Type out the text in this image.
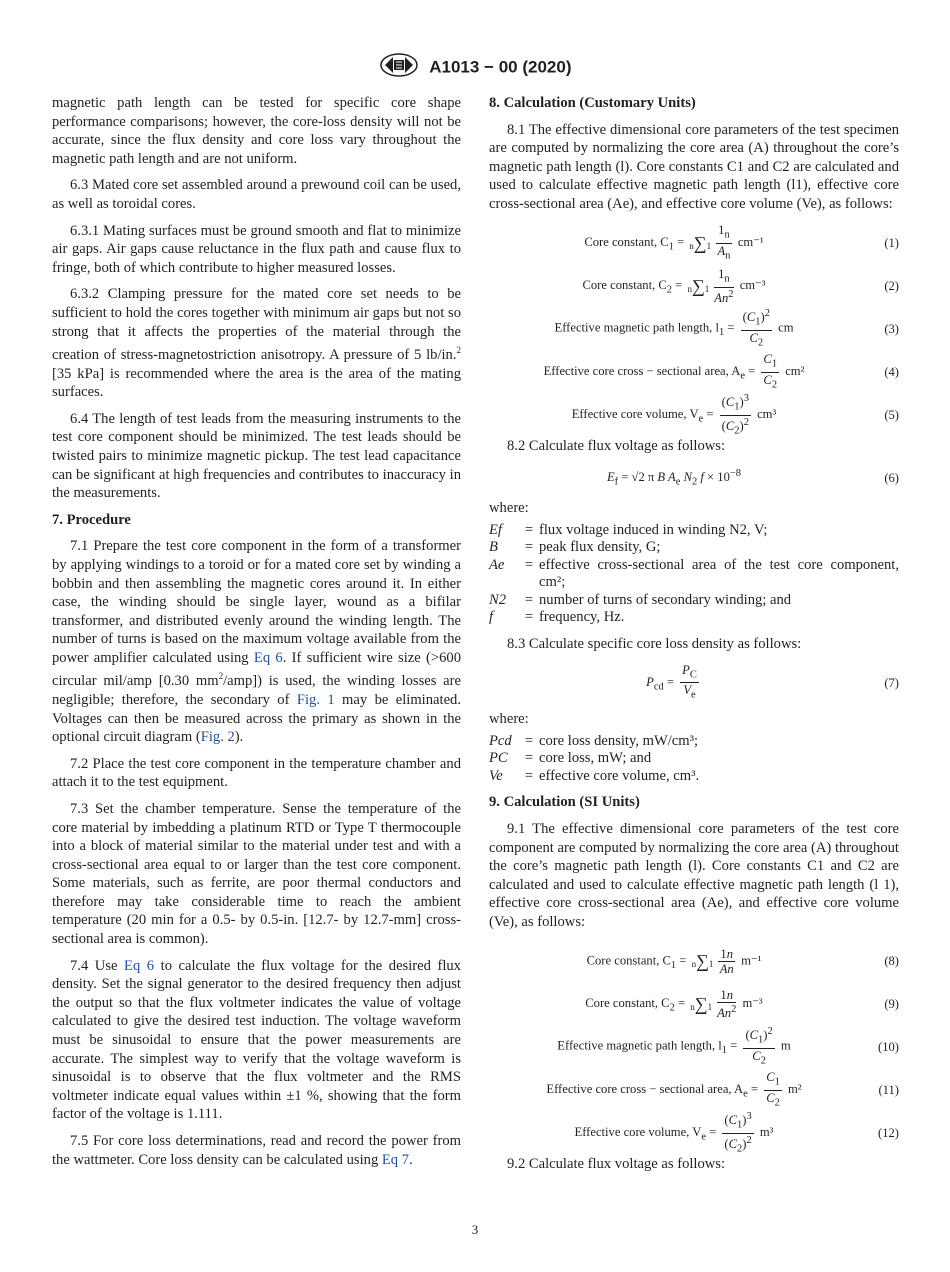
A1013 − 00 (2020)

magnetic path length can be tested for specific core shape performance comparisons; however, the core-loss density will not be accurate, since the flux density and core loss vary throughout the magnetic path length and are not uniform.

6.3 Mated core set assembled around a prewound coil can be used, as well as toroidal cores.

6.3.1 Mating surfaces must be ground smooth and flat to minimize air gaps. Air gaps cause reluctance in the flux path and cause flux to fringe, both of which contribute to higher measured losses.

6.3.2 Clamping pressure for the mated core set needs to be sufficient to hold the cores together with minimum air gaps but not so strong that it affects the properties of the material through the creation of stress-magnetostriction anisotropy. A pressure of 5 lb/in.$^2$ [35 kPa] is recommended where the area is the area of the mating surfaces.

6.4 The length of test leads from the measuring instruments to the test core component should be minimized. The test leads should be twisted pairs to minimize magnetic pickup. The test lead capacitance can be significant at high frequencies and contributes to inaccuracy in the measurements.

7. Procedure

7.1 Prepare the test core component in the form of a transformer by applying windings to a toroid or for a mated core set by winding a bobbin and then assembling the magnetic cores around it. In either case, the winding should be single layer, wound as a bifilar transformer, and distributed evenly around the winding length. The number of turns is based on the maximum voltage available from the power amplifier calculated using Eq 6. If sufficient wire size (>600 circular mil/amp [0.30 $mm^2/amp$]) is used, the winding losses are negligible; therefore, the secondary of Fig. 1 may be eliminated. Voltages can then be measured across the primary as shown in the optional circuit diagram (Fig. 2).

7.2 Place the test core component in the temperature chamber and attach it to the test equipment.

7.3 Set the chamber temperature. Sense the temperature of the core material by imbedding a platinum RTD or Type T thermocouple into a block of material similar to the material under test and with a cross-sectional area equal to or larger than the test core component. Some materials, such as ferrite, are poor thermal conductors and therefore may take considerable time to reach the ambient temperature (20 min for a 0.5- by 0.5-in. [12.7- by 12.7-mm] cross-sectional area is common).

7.4 Use Eq 6 to calculate the flux voltage for the desired flux density. Set the signal generator to the desired frequency then adjust the output so that the flux voltmeter indicates the value of voltage calculated to give the desired test induction. The voltage waveform must be sinusoidal to ensure that the power measurements are accurate. The simplest way to verify that the voltage waveform is sinusoidal is to observe that the flux voltmeter and the RMS voltmeter indicate equal values within ±1 %, showing that the form factor of the voltage is 1.111.

7.5 For core loss determinations, read and record the power from the wattmeter. Core loss density can be calculated using Eq 7.

8. Calculation (Customary Units)

8.1 The effective dimensional core parameters of the test specimen are computed by normalizing the core area (A) throughout the core’s magnetic path length (l). Core constants C1 and C2 are calculated and used to calculate effective magnetic path length (l1), effective core cross-sectional area (Ae), and effective core volume (Ve), as follows:

Core constant, $C_1 = n\sum 1 \frac{1_n}{A_n} cm^{-1}$	(1)
Core constant, $C_2 = n\sum 1 \frac{1_n}{An^2} cm^{-3}$	(2)
Effective magnetic path length, $l_1 = \frac{(C_1)^2}{C_2}$ cm	(3)
Effective core cross − sectional area, $A_e = \frac{C_1}{C_2} cm^2$	(4)
Effective core volume, $V_e = \frac{(C_1)^3}{(C_2)^2} cm^3$	(5)

8.2 Calculate flux voltage as follows:

$E_f = √2$ π B $A_e$ $N_2$ $f \times 10^{-8}$	(6)
where:
Ef	=	flux voltage induced in winding N2, V;
B	=	peak flux density, G;
Ae	=	effective cross-sectional area of the test core component, cm²;
N2	=	number of turns of secondary winding; and
f	=	frequency, Hz.

8.3 Calculate specific core loss density as follows:

$P_{cd} = \frac{P_C}{V_e}$	(7)
where:
Pcd	=	core loss density, mW/cm³;
PC	=	core loss, mW; and
Ve	=	effective core volume, cm³.
9. Calculation (SI Units)

9.1 The effective dimensional core parameters of the test core component are computed by normalizing the core area (A) throughout the core’s magnetic path length (l). Core constants C1 and C2 are calculated and used to calculate effective magnetic path length (l 1), effective core cross-sectional area (Ae), and effective core volume (Ve), as follows:

Core constant, $C_1 = n\sum 1 \frac{1n}{An} m^{-1}$	(8)
Core constant, $C_2 = n\sum 1 \frac{1n}{An^2} m^{-3}$	(9)
Effective magnetic path length, $l_1 = \frac{(C_1)^2}{C_2}$ m	(10)
Effective core cross − sectional area, $A_e = \frac{C_1}{C_2} m^2$	(11)
Effective core volume, $V_e = \frac{(C_1)^3}{(C_2)^2} m^3$	(12)

9.2 Calculate flux voltage as follows:

3
